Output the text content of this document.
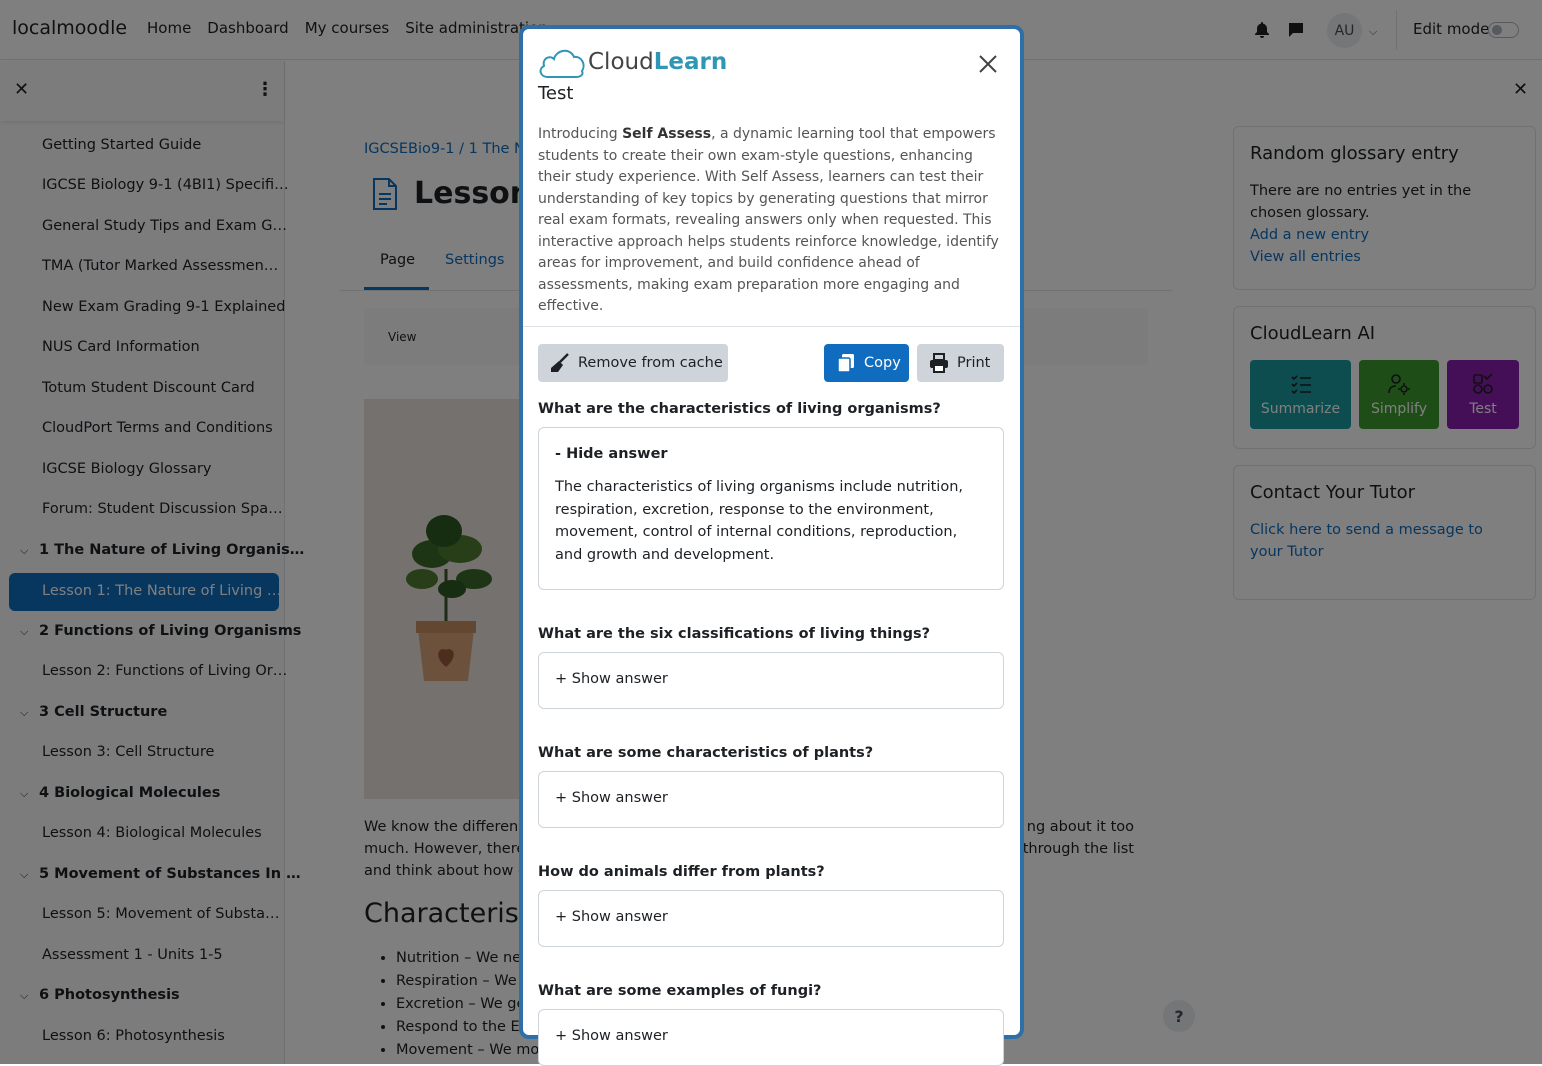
•
•
•
•
•

CloudLearn
Test
Introducing Self Assess, a dynamic learning tool that empowers students to create their own exam-style questions, enhancing their study experience. With Self Assess, learners can test their understanding of key topics by generating questions that mirror real exam formats, revealing answers only when requested. This interactive approach helps students reinforce knowledge, identify areas for improvement, and build confidence ahead of assessments, making exam preparation more engaging and effective.
Remove from cache	Copy	Print
What are the characteristics of living organisms?
- Hide answer
The characteristics of living organisms include nutrition, respiration, excretion, response to the environment, movement, control of internal conditions, reproduction, and growth and development.
What are the six classifications of living things?
+ Show answer
What are some characteristics of plants?
+ Show answer
How do animals differ from plants?
+ Show answer
What are some examples of fungi?
+ Show answer
